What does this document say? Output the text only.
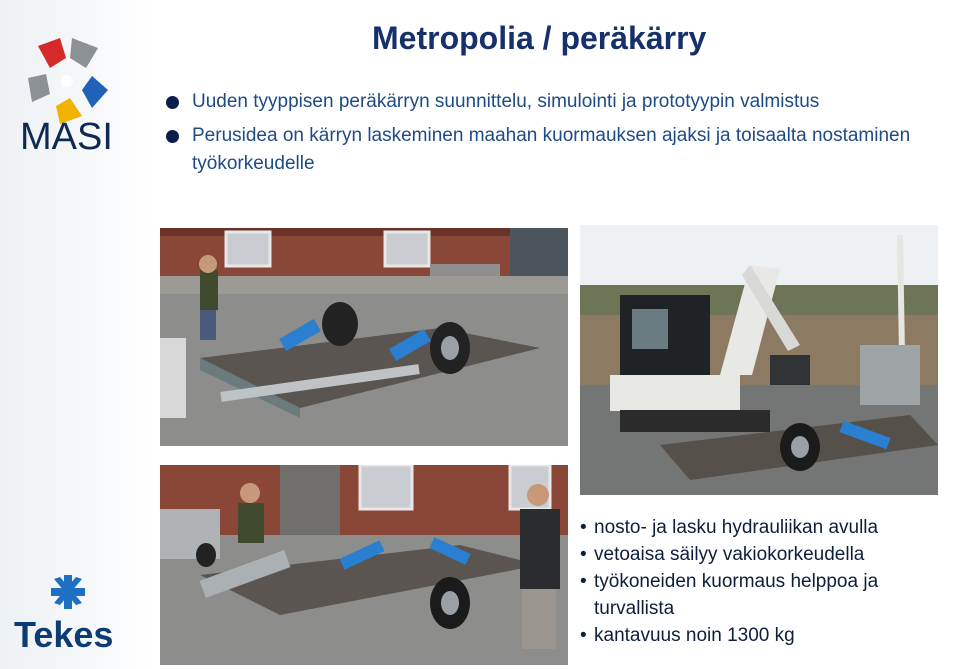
MASI
Tekes
Metropolia / peräkärry
Uuden tyyppisen peräkärryn suunnittelu, simulointi ja prototyypin valmistus
Perusidea on kärryn laskeminen maahan kuormauksen ajaksi ja toisaalta nostaminen työkorkeudelle
• nosto- ja lasku hydrauliikan avulla
• vetoaisa säilyy vakiokorkeudella
• työkoneiden kuormaus helppoa ja turvallista
• kantavuus noin 1300 kg
